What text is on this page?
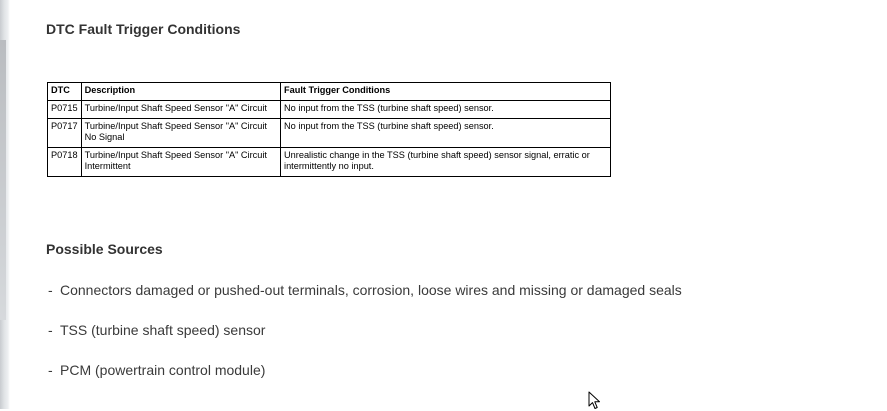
DTC Fault Trigger Conditions
DTC	Description	Fault Trigger Conditions
P0715	Turbine/Input Shaft Speed Sensor "A" Circuit	No input from the TSS (turbine shaft speed) sensor.
P0717	Turbine/Input Shaft Speed Sensor "A" Circuit No Signal	No input from the TSS (turbine shaft speed) sensor.
P0718	Turbine/Input Shaft Speed Sensor "A" Circuit Intermittent	Unrealistic change in the TSS (turbine shaft speed) sensor signal, erratic or intermittently no input.
Possible Sources
- Connectors damaged or pushed-out terminals, corrosion, loose wires and missing or damaged seals
- TSS (turbine shaft speed) sensor
- PCM (powertrain control module)
